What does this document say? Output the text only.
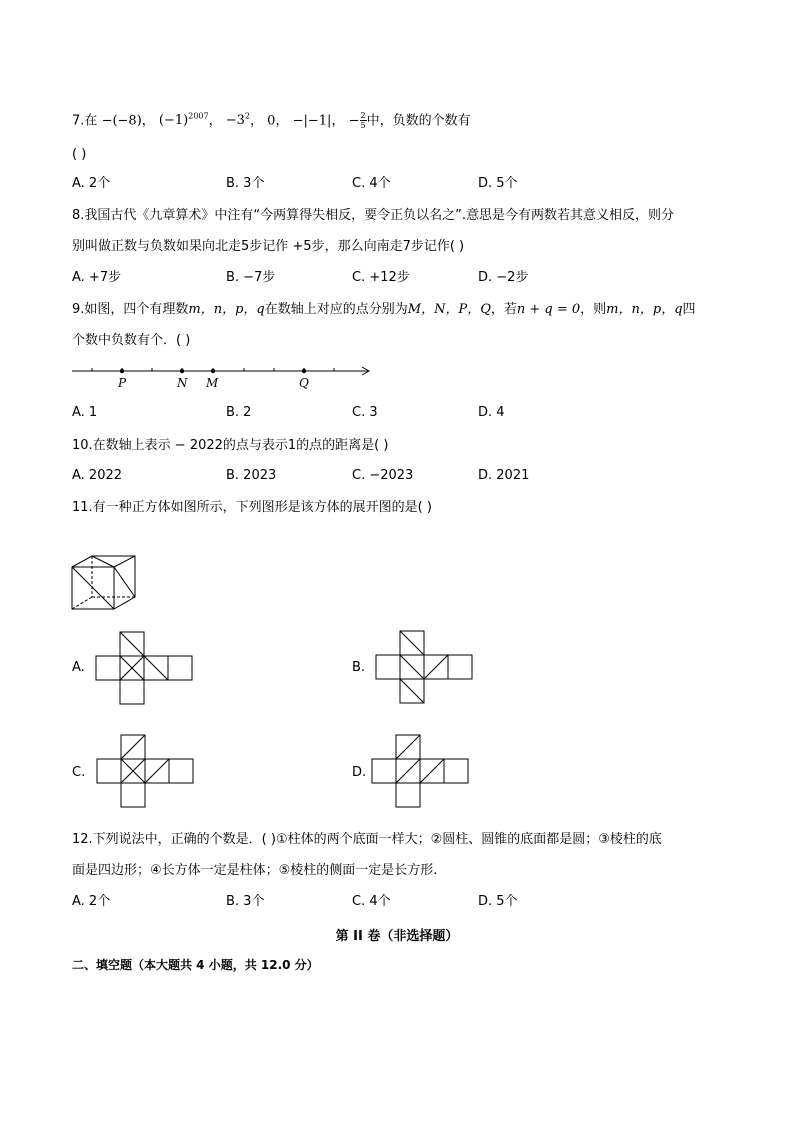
7.在 −(−8)， $(-1)^{2007}$， $-3^2$， 0， −|−1|， − $\frac{2}{5}$ 中，负数的个数有
( )
A. 2个	B. 3个	C. 4个	D. 5个
8.我国古代《九章算术》中注有“今两算得失相反，要令正负以名之”.意思是今有两数若其意义相反，则分
别叫做正数与负数如果向北走5步记作 +5步，那么向南走7步记作( )
A. +7步	B. −7步	C. +12步	D. −2步
9.如图，四个有理数m，n，p，q在数轴上对应的点分别为M，N，P，Q，若n + q = 0，则m，n，p，q四
个数中负数有个．( )
P	N M	Q
A. 1	B. 2	C. 3	D. 4
10.在数轴上表示 − 2022的点与表示1的点的距离是( )
A. 2022	B. 2023	C. −2023	D. 2021
11.有一种正方体如图所示，下列图形是该方体的展开图的是( )
A.	B.
C.	D.
12.下列说法中，正确的个数是．( )①柱体的两个底面一样大；②圆柱、圆锥的底面都是圆；③棱柱的底
面是四边形；④长方体一定是柱体；⑤棱柱的侧面一定是长方形.
A. 2个	B. 3个	C. 4个	D. 5个
第 II 卷（非选择题）
二、填空题（本大题共 4 小题，共 12.0 分）
